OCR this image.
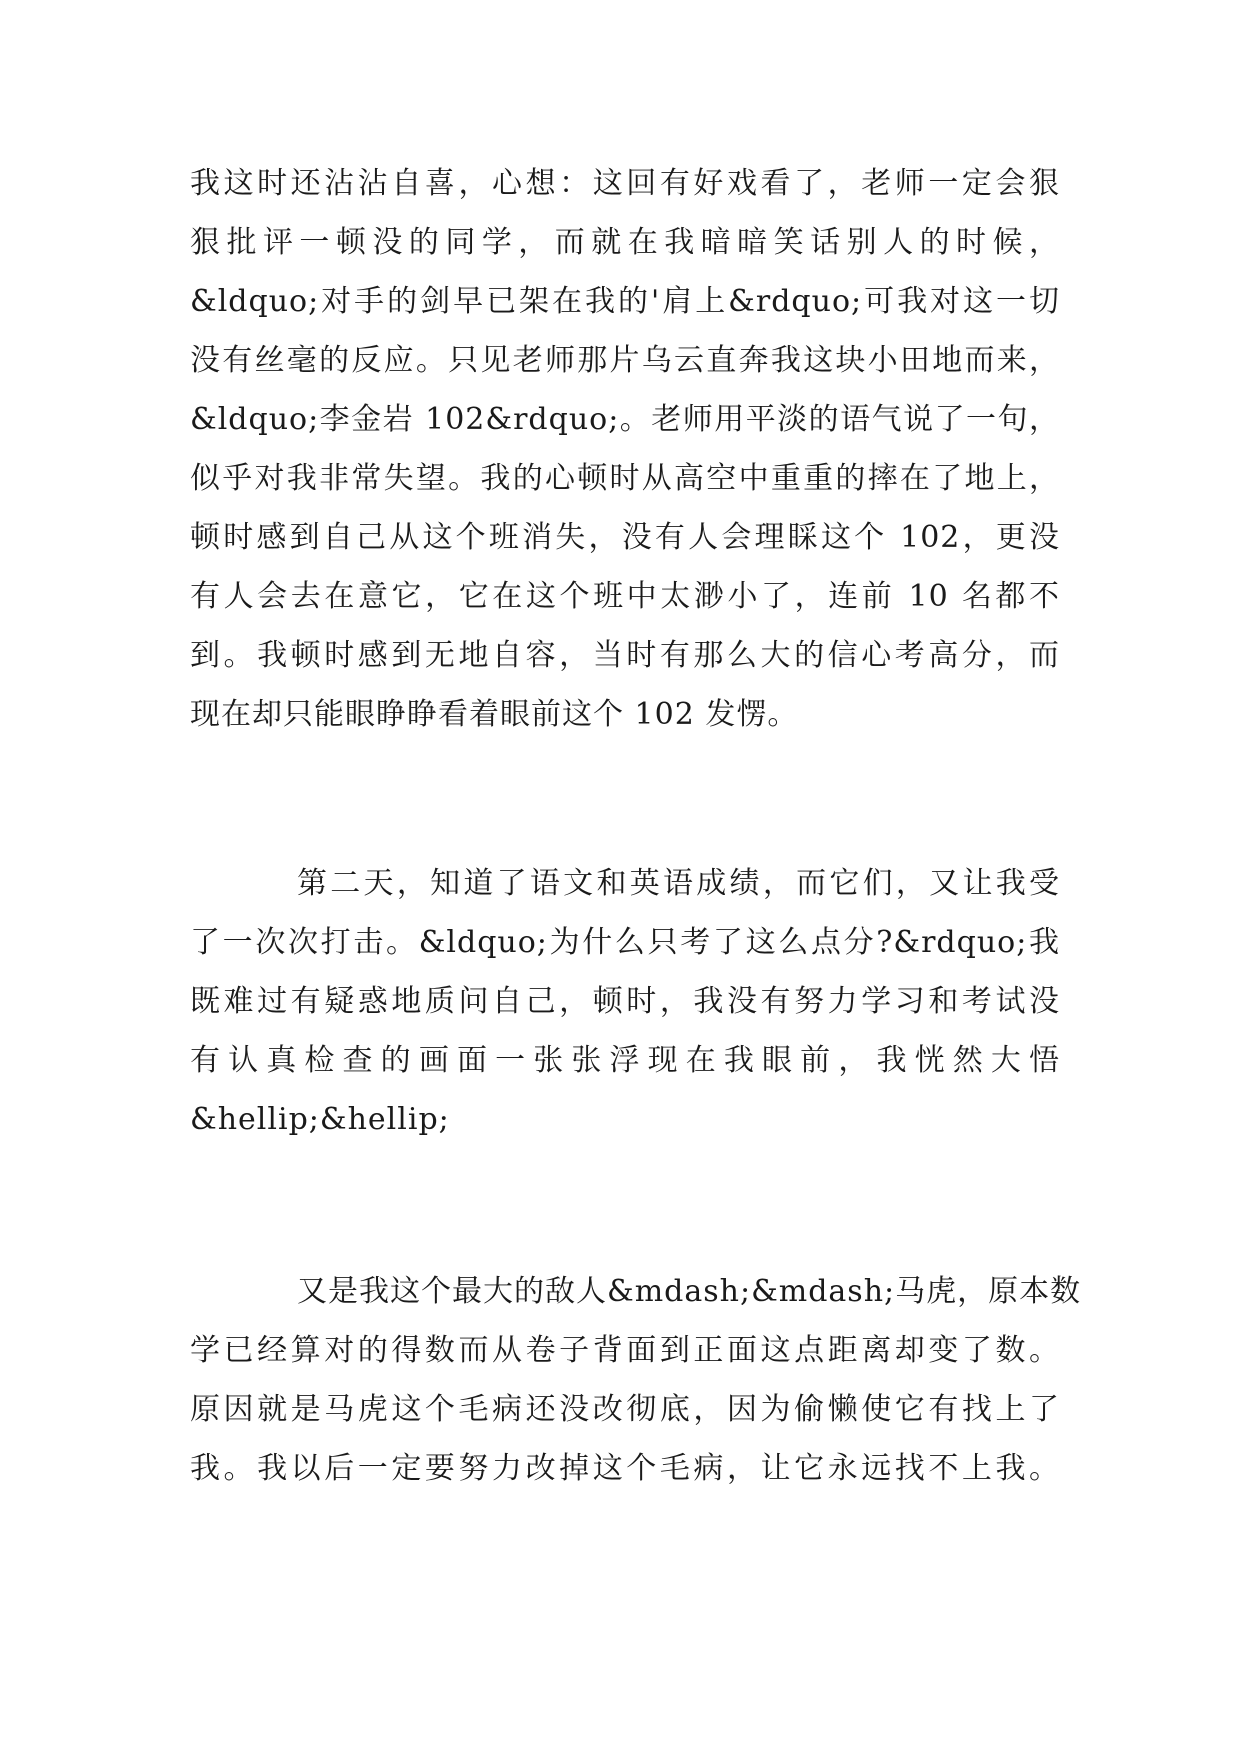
我这时还沾沾自喜，心想：这回有好戏看了，老师一定会狠
狠批评一顿没的同学，而就在我暗暗笑话别人的时候，
&ldquo;对手的剑早已架在我的'肩上&rdquo;可我对这一切
没有丝毫的反应。只见老师那片乌云直奔我这块小田地而来，
&ldquo;李金岩 102&rdquo;。老师用平淡的语气说了一句，
似乎对我非常失望。我的心顿时从高空中重重的摔在了地上，
顿时感到自己从这个班消失，没有人会理睬这个 102，更没
有人会去在意它，它在这个班中太渺小了，连前 10 名都不
到。我顿时感到无地自容，当时有那么大的信心考高分，而
现在却只能眼睁睁看着眼前这个 102 发愣。
第二天，知道了语文和英语成绩，而它们，又让我受
了一次次打击。&ldquo;为什么只考了这么点分?&rdquo;我
既难过有疑惑地质问自己，顿时，我没有努力学习和考试没
有认真检查的画面一张张浮现在我眼前，我恍然大悟
&hellip;&hellip;
又是我这个最大的敌人&mdash;&mdash;马虎，原本数
学已经算对的得数而从卷子背面到正面这点距离却变了数。
原因就是马虎这个毛病还没改彻底，因为偷懒使它有找上了
我。我以后一定要努力改掉这个毛病，让它永远找不上我。
